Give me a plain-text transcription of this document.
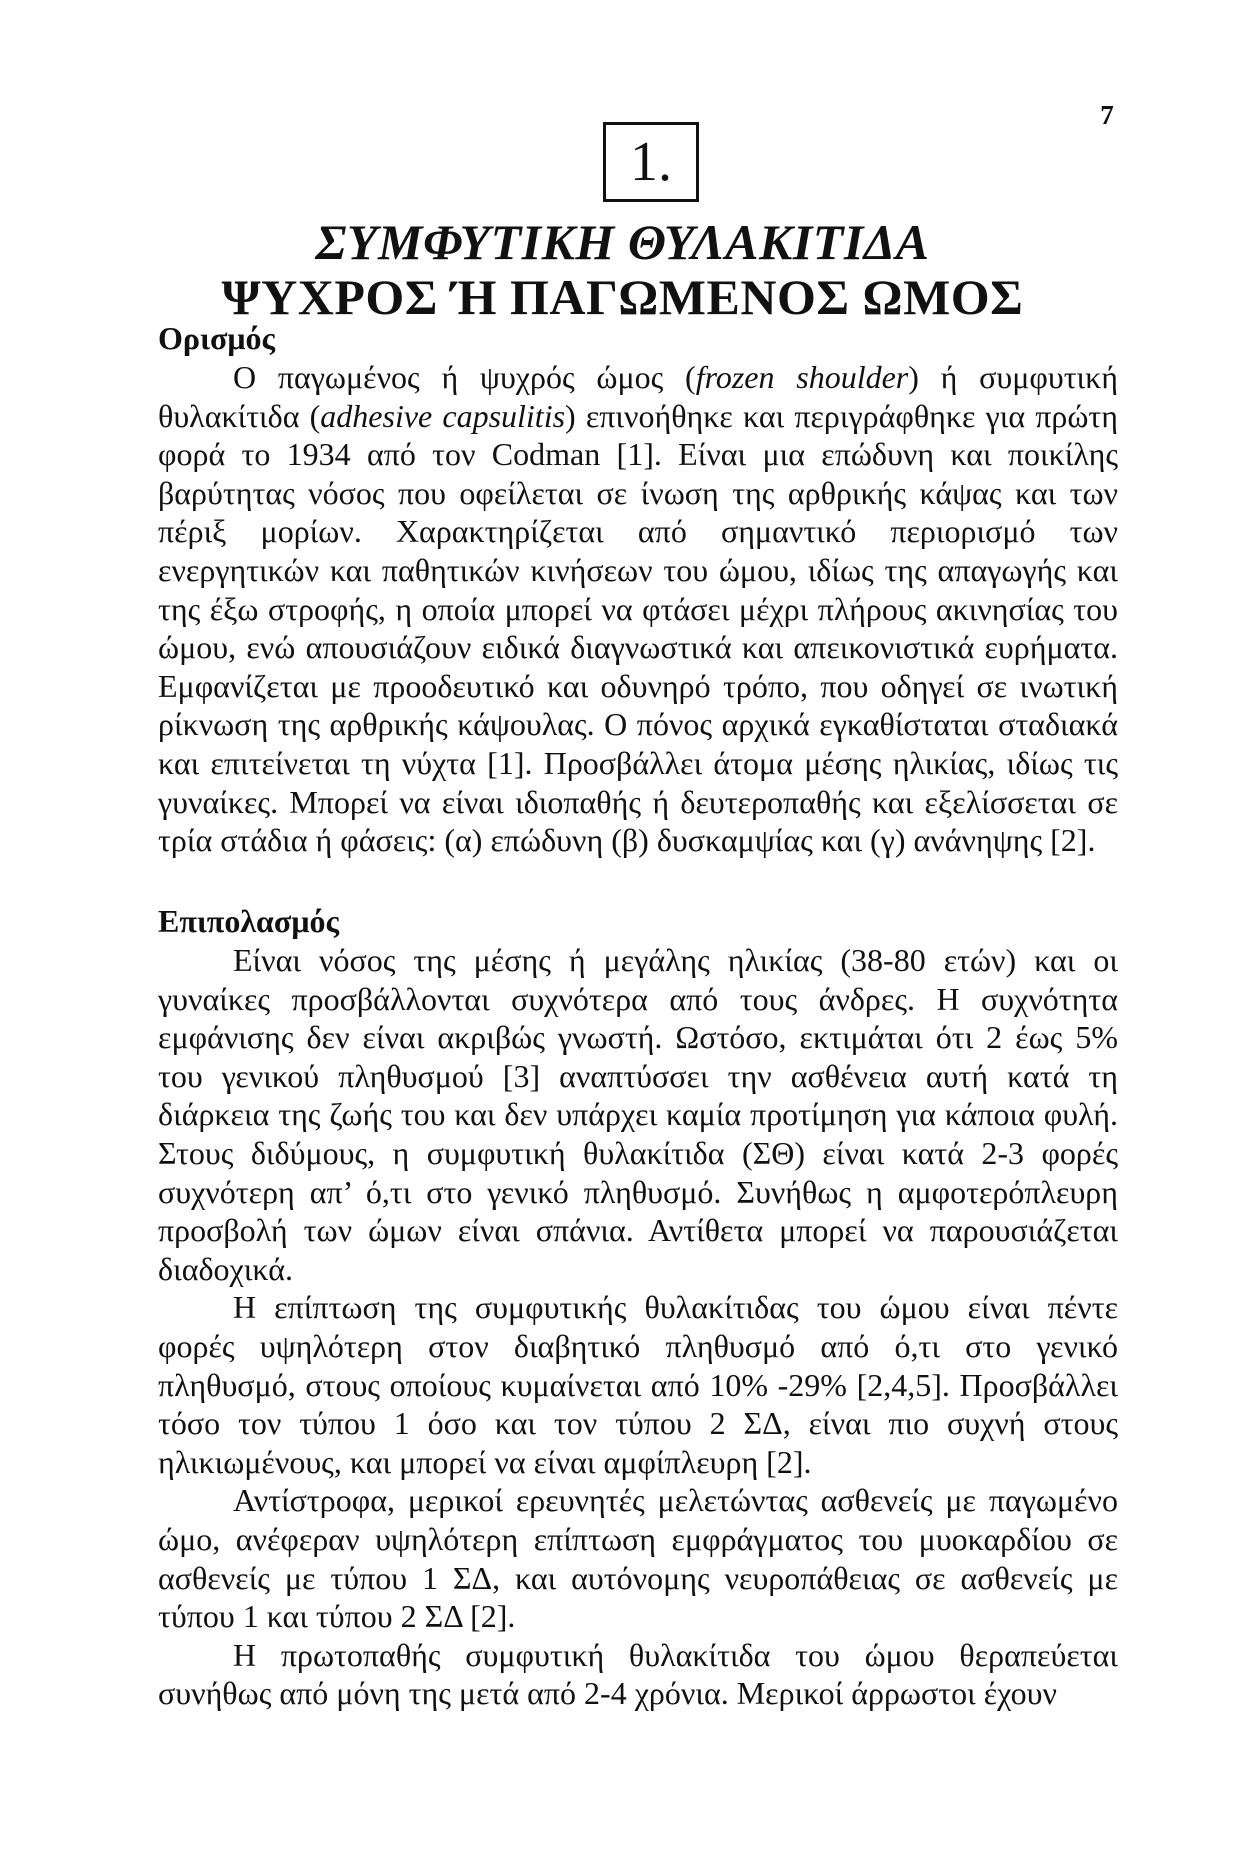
7
1.
ΣΥΜΦΥΤΙΚΗ ΘΥΛΑΚΙΤΙΔΑ
ΨΥΧΡΟΣ Ή ΠΑΓΩΜΕΝΟΣ ΩΜΟΣ

Ορισμός

Ο παγωμένος ή ψυχρός ώμος (frozen shoulder) ή συμφυτική θυλακίτιδα (adhesive capsulitis) επινοήθηκε και περιγράφθηκε για πρώτη φορά το 1934 από τον Codman [1]. Είναι μια επώδυνη και ποικίλης βαρύτητας νόσος που οφείλεται σε ίνωση της αρθρικής κάψας και των πέριξ μορίων. Χαρακτηρίζεται από σημαντικό περιορισμό των ενεργητικών και παθητικών κινήσεων του ώμου, ιδίως της απαγωγής και της έξω στροφής, η οποία μπορεί να φτάσει μέχρι πλήρους ακινησίας του ώμου, ενώ απουσιάζουν ειδικά διαγνωστικά και απεικονιστικά ευρήματα. Εμφανίζεται με προοδευτικό και οδυνηρό τρόπο, που οδηγεί σε ινωτική ρίκνωση της αρθρικής κάψουλας. Ο πόνος αρχικά εγκαθίσταται σταδιακά και επιτείνεται τη νύχτα [1]. Προσβάλλει άτομα μέσης ηλικίας, ιδίως τις γυναίκες. Μπορεί να είναι ιδιοπαθής ή δευτεροπαθής και εξελίσσεται σε τρία στάδια ή φάσεις: (α) επώδυνη (β) δυσκαμψίας και (γ) ανάνηψης [2].

Επιπολασμός

Είναι νόσος της μέσης ή μεγάλης ηλικίας (38-80 ετών) και οι γυναίκες προσβάλλονται συχνότερα από τους άνδρες. Η συχνότητα εμφάνισης δεν είναι ακριβώς γνωστή. Ωστόσο, εκτιμάται ότι 2 έως 5% του γενικού πληθυσμού [3] αναπτύσσει την ασθένεια αυτή κατά τη διάρκεια της ζωής του και δεν υπάρχει καμία προτίμηση για κάποια φυλή. Στους διδύμους, η συμφυτική θυλακίτιδα (ΣΘ) είναι κατά 2-3 φορές συχνότερη απ’ ό,τι στο γενικό πληθυσμό. Συνήθως η αμφοτερόπλευρη προσβολή των ώμων είναι σπάνια. Αντίθετα μπορεί να παρουσιάζεται διαδοχικά.

Η επίπτωση της συμφυτικής θυλακίτιδας του ώμου είναι πέντε φορές υψηλότερη στον διαβητικό πληθυσμό από ό,τι στο γενικό πληθυσμό, στους οποίους κυμαίνεται από 10% -29% [2,4,5]. Προσβάλλει τόσο τον τύπου 1 όσο και τον τύπου 2 ΣΔ, είναι πιο συχνή στους ηλικιωμένους, και μπορεί να είναι αμφίπλευρη [2].

Αντίστροφα, μερικοί ερευνητές μελετώντας ασθενείς με παγωμένο ώμο, ανέφεραν υψηλότερη επίπτωση εμφράγματος του μυοκαρδίου σε ασθενείς με τύπου 1 ΣΔ, και αυτόνομης νευροπάθειας σε ασθενείς με τύπου 1 και τύπου 2 ΣΔ [2].

Η πρωτοπαθής συμφυτική θυλακίτιδα του ώμου θεραπεύεται συνήθως από μόνη της μετά από 2-4 χρόνια. Μερικοί άρρωστοι έχουν
